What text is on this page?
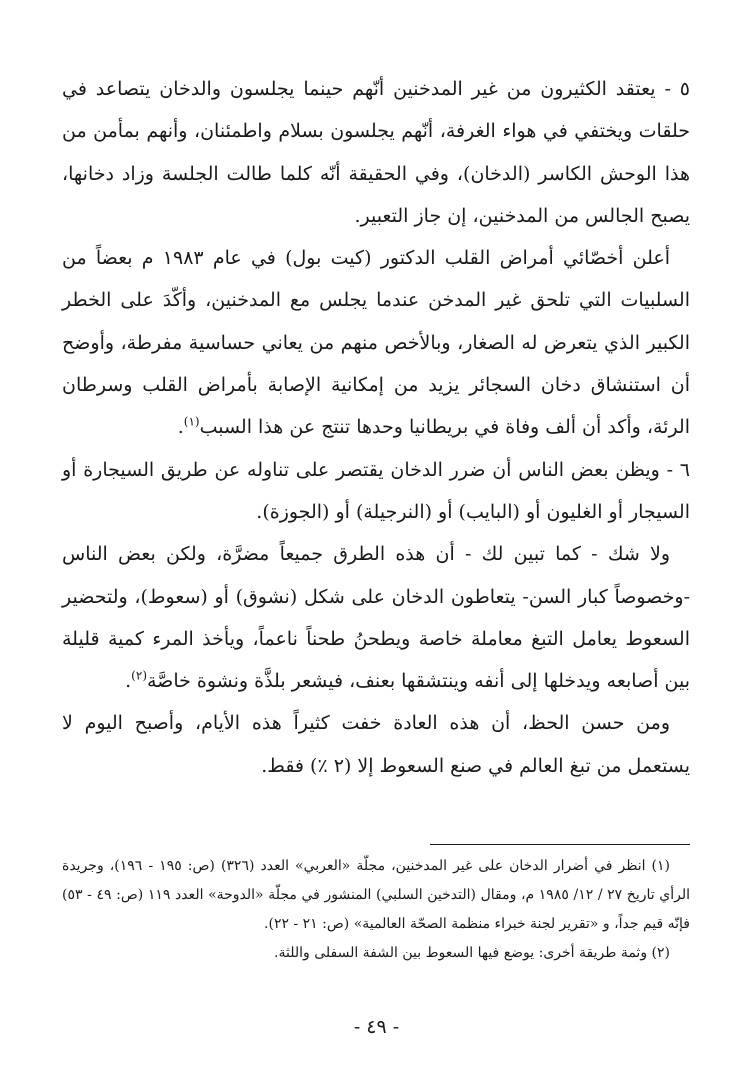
٥ - يعتقد الكثيرون من غير المدخنين أنّهم حينما يجلسون والدخان يتصاعد في حلقات ويختفي في هواء الغرفة، أنّهم يجلسون بسلام واطمئنان، وأنهم بمأمن من هذا الوحش الكاسر (الدخان)، وفي الحقيقة أنّه كلما طالت الجلسة وزاد دخانها، يصبح الجالس من المدخنين، إن جاز التعبير.

أعلن أخصّائي أمراض القلب الدكتور (كيت بول) في عام ١٩٨٣ م بعضاً من السلبيات التي تلحق غير المدخن عندما يجلس مع المدخنين، وأكّدَ على الخطر الكبير الذي يتعرض له الصغار، وبالأخص منهم من يعاني حساسية مفرطة، وأوضح أن استنشاق دخان السجائر يزيد من إمكانية الإصابة بأمراض القلب وسرطان الرئة، وأكد أن ألف وفاة في بريطانيا وحدها تنتج عن هذا السبب$^{(١)}$.

٦ - ويظن بعض الناس أن ضرر الدخان يقتصر على تناوله عن طريق السيجارة أو السيجار أو الغليون أو (البايب) أو (النرجيلة) أو (الجوزة).

ولا شك - كما تبين لك - أن هذه الطرق جميعاً مضرَّة، ولكن بعض الناس -وخصوصاً كبار السن- يتعاطون الدخان على شكل (نشوق) أو (سعوط)، ولتحضير السعوط يعامل التبغ معاملة خاصة ويطحنُ طحناً ناعماً، ويأخذ المرء كمية قليلة بين أصابعه ويدخلها إلى أنفه وينتشقها بعنف، فيشعر بلذَّة ونشوة خاصَّة$^{(٢)}$.

ومن حسن الحظ، أن هذه العادة خفت كثيراً هذه الأيام، وأصبح اليوم لا يستعمل من تبغ العالم في صنع السعوط إلا (٢ ٪) فقط.

(١) انظر في أضرار الدخان على غير المدخنين، مجلّة «العربي» العدد (٣٢٦) (ص: ١٩٥ - ١٩٦)، وجريدة الرأي تاريخ ٢٧ / ١٢/ ١٩٨٥ م، ومقال (التدخين السلبي) المنشور في مجلّة «الدوحة» العدد ١١٩ (ص: ٤٩ - ٥٣) فإنّه قيم جداً، و «تقرير لجنة خبراء منظمة الصحّة العالمية» (ص: ٢١ - ٢٢).

(٢) وثمة طريقة أخرى: يوضع فيها السعوط بين الشفة السفلى واللثة.

- ٤٩ -
